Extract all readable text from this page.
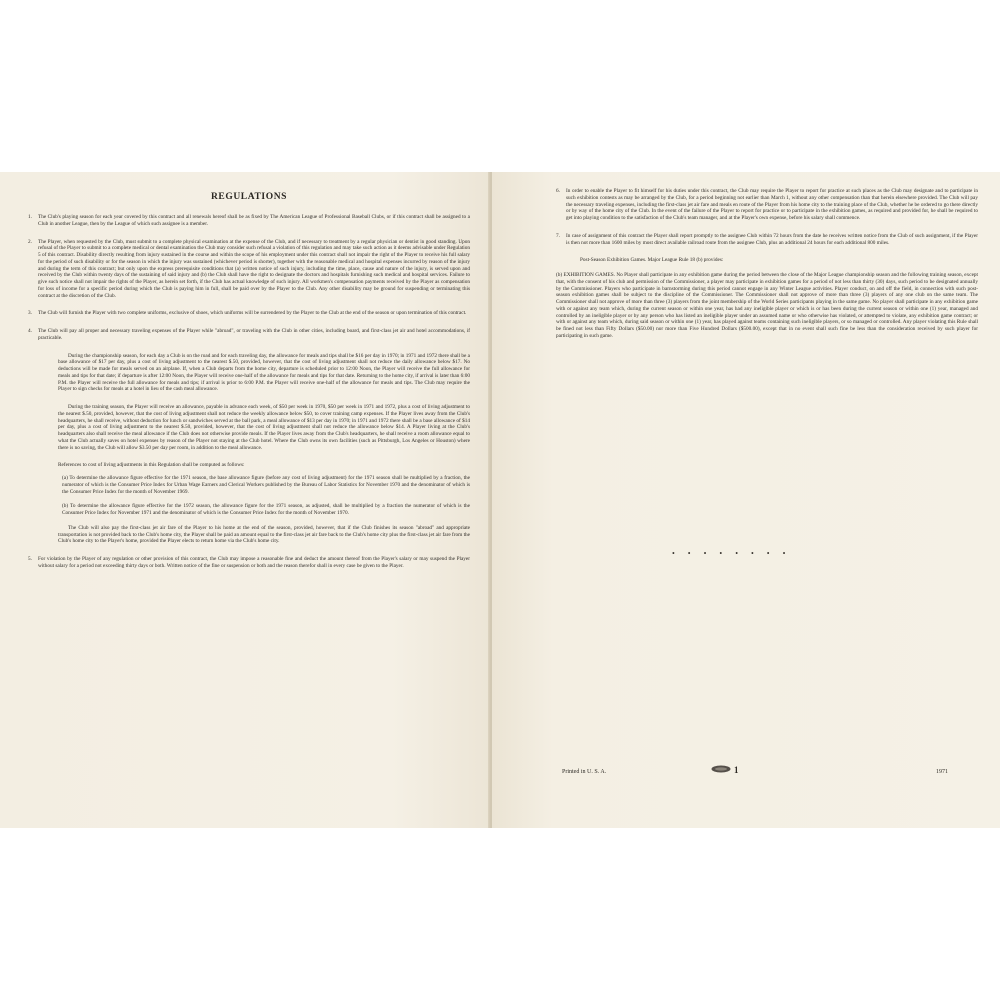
REGULATIONS
1.	The Club's playing season for each year covered by this contract and all renewals hereof shall be as fixed by The American League of Professional Baseball Clubs, or if this contract shall be assigned to a Club in another League, then by the League of which such assignee is a member.
2.	The Player, when requested by the Club, must submit to a complete physical examination at the expense of the Club, and if necessary to treatment by a regular physician or dentist in good standing. Upon refusal of the Player to submit to a complete medical or dental examination the Club may consider such refusal a violation of this regulation and may take such action as it deems advisable under Regulation 5 of this contract. Disability directly resulting from injury sustained in the course and within the scope of his employment under this contract shall not impair the right of the Player to receive his full salary for the period of such disability or for the season in which the injury was sustained (whichever period is shorter), together with the reasonable medical and hospital expenses incurred by reason of the injury and during the term of this contract; but only upon the express prerequisite conditions that (a) written notice of such injury, including the time, place, cause and nature of the injury, is served upon and received by the Club within twenty days of the sustaining of said injury and (b) the Club shall have the right to designate the doctors and hospitals furnishing such medical and hospital services. Failure to give such notice shall not impair the rights of the Player, as herein set forth, if the Club has actual knowledge of such injury. All workmen's compensation payments received by the Player as compensation for loss of income for a specific period during which the Club is paying him in full, shall be paid over by the Player to the Club. Any other disability may be ground for suspending or terminating this contract at the discretion of the Club.
3.	The Club will furnish the Player with two complete uniforms, exclusive of shoes, which uniforms will be surrendered by the Player to the Club at the end of the season or upon termination of this contract.
4.	The Club will pay all proper and necessary traveling expenses of the Player while "abroad", or traveling with the Club in other cities, including board, and first-class jet air and hotel accommodations, if practicable.
During the championship season, for each day a Club is on the road and for each traveling day, the allowance for meals and tips shall be $16 per day in 1970; in 1971 and 1972 there shall be a base allowance of $17 per day, plus a cost of living adjustment to the nearest $.50, provided, however, that the cost of living adjustment shall not reduce the daily allowance below $17. No deductions will be made for meals served on an airplane. If, when a Club departs from the home city, departure is scheduled prior to 12:00 Noon, the Player will receive the full allowance for meals and tips for that date; if departure is after 12:00 Noon, the Player will receive one-half of the allowance for meals and tips for that date. Returning to the home city, if arrival is later than 6:00 P.M. the Player will receive the full allowance for meals and tips; if arrival is prior to 6:00 P.M. the Player will receive one-half of the allowance for meals and tips. The Club may require the Player to sign checks for meals at a hotel in lieu of the cash meal allowance.
During the training season, the Player will receive an allowance, payable in advance each week, of $50 per week in 1970, $50 per week in 1971 and 1972, plus a cost of living adjustment to the nearest $.50, provided, however, that the cost of living adjustment shall not reduce the weekly allowance below $50, to cover training camp expenses. If the Player lives away from the Club's headquarters, he shall receive, without deduction for lunch or sandwiches served at the ball park, a meal allowance of $13 per day in 1970; in 1971 and 1972 there shall be a base allowance of $14 per day, plus a cost of living adjustment to the nearest $.50, provided, however, that the cost of living adjustment shall not reduce the allowance below $14. A Player living at the Club's headquarters also shall receive the meal allowance if the Club does not otherwise provide meals. If the Player lives away from the Club's headquarters, he shall receive a room allowance equal to what the Club actually saves on hotel expenses by reason of the Player not staying at the Club hotel. Where the Club owns its own facilities (such as Pittsburgh, Los Angeles or Houston) where there is no saving, the Club will allow $3.50 per day per room, in addition to the meal allowance.
References to cost of living adjustments in this Regulation shall be computed as follows:
(a) To determine the allowance figure effective for the 1971 season, the base allowance figure (before any cost of living adjustment) for the 1971 season shall be multiplied by a fraction, the numerator of which is the Consumer Price Index for Urban Wage Earners and Clerical Workers published by the Bureau of Labor Statistics for November 1970 and the denominator of which is the Consumer Price Index for the month of November 1969.
(b) To determine the allowance figure effective for the 1972 season, the allowance figure for the 1971 season, as adjusted, shall be multiplied by a fraction the numerator of which is the Consumer Price Index for November 1971 and the denominator of which is the Consumer Price Index for the month of November 1970.
The Club will also pay the first-class jet air fare of the Player to his home at the end of the season, provided, however, that if the Club finishes its season "abroad" and appropriate transportation is not provided back to the Club's home city, the Player shall be paid an amount equal to the first-class jet air fare back to the Club's home city plus the first-class jet air fare from the Club's home city to the Player's home, provided the Player elects to return home via the Club's home city.
5.	For violation by the Player of any regulation or other provision of this contract, the Club may impose a reasonable fine and deduct the amount thereof from the Player's salary or may suspend the Player without salary for a period not exceeding thirty days or both. Written notice of the fine or suspension or both and the reason therefor shall in every case be given to the Player.
6.	In order to enable the Player to fit himself for his duties under this contract, the Club may require the Player to report for practice at such places as the Club may designate and to participate in such exhibition contests as may be arranged by the Club, for a period beginning not earlier than March 1, without any other compensation than that herein elsewhere provided. The Club will pay the necessary traveling expenses, including the first-class jet air fare and meals en route of the Player from his home city to the training place of the Club, whether he be ordered to go there directly or by way of the home city of the Club. In the event of the failure of the Player to report for practice or to participate in the exhibition games, as required and provided for, he shall be required to get into playing condition to the satisfaction of the Club's team manager, and at the Player's own expense, before his salary shall commence.
7.	In case of assignment of this contract the Player shall report promptly to the assignee Club within 72 hours from the date he receives written notice from the Club of such assignment, if the Player is then not more than 1600 miles by most direct available railroad route from the assignee Club, plus an additional 24 hours for each additional 800 miles.
Post-Season Exhibition Games. Major League Rule 18 (b) provides:
(b) EXHIBITION GAMES. No Player shall participate in any exhibition game during the period between the close of the Major League championship season and the following training season, except that, with the consent of his club and permission of the Commissioner, a player may participate in exhibition games for a period of not less than thirty (30) days, such period to be designated annually by the Commissioner. Players who participate in barnstorming during this period cannot engage in any Winter League activities. Player conduct, on and off the field, in connection with such post-season exhibition games shall be subject to the discipline of the Commissioner. The Commissioner shall not approve of more than three (3) players of any one club on the same team. The Commissioner shall not approve of more than three (3) players from the joint membership of the World Series participants playing in the same game. No player shall participate in any exhibition game with or against any team which, during the current season or within one year, has had any ineligible player or which is or has been during the current season or within one (1) year, managed and controlled by an ineligible player or by any person who has listed an ineligible player under an assumed name or who otherwise has violated, or attempted to violate, any exhibition game contract; or with or against any team which, during said season or within one (1) year, has played against teams containing such ineligible players, or so managed or controlled. Any player violating this Rule shall be fined not less than Fifty Dollars ($50.00) nor more than Five Hundred Dollars ($500.00), except that in no event shall such fine be less than the consideration received by such player for participating in such game.
••••••••
Printed in U. S. A.	1	1971
